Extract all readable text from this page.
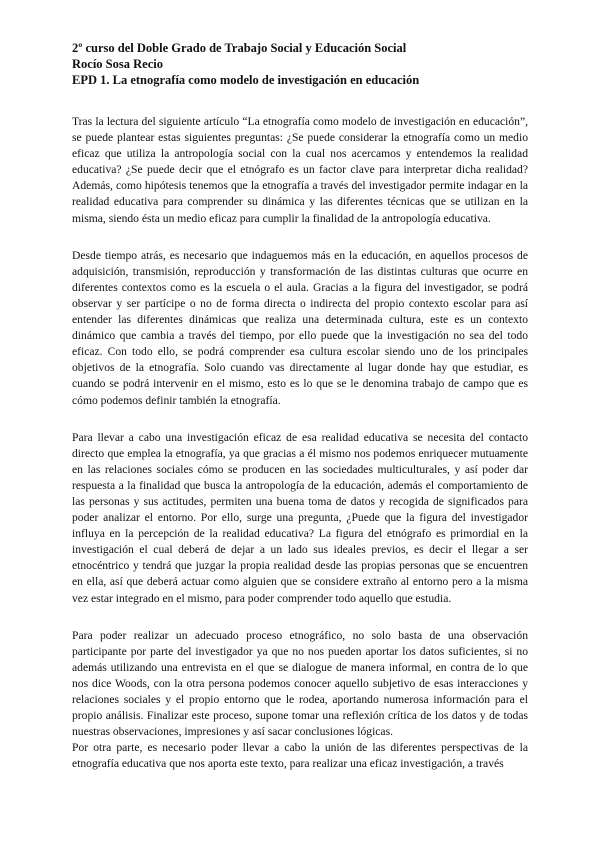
2º curso del Doble Grado de Trabajo Social y Educación Social

Rocío Sosa Recio

EPD 1. La etnografía como modelo de investigación en educación

Tras la lectura del siguiente artículo “La etnografía como modelo de investigación en educación”, se puede plantear estas siguientes preguntas: ¿Se puede considerar la etnografía como un medio eficaz que utiliza la antropología social con la cual nos acercamos y entendemos la realidad educativa? ¿Se puede decir que el etnógrafo es un factor clave para interpretar dicha realidad? Además, como hipótesis tenemos que la etnografía a través del investigador permite indagar en la realidad educativa para comprender su dinámica y las diferentes técnicas que se utilizan en la misma, siendo ésta un medio eficaz para cumplir la finalidad de la antropología educativa.

Desde tiempo atrás, es necesario que indaguemos más en la educación, en aquellos procesos de adquisición, transmisión, reproducción y transformación de las distintas culturas que ocurre en diferentes contextos como es la escuela o el aula. Gracias a la figura del investigador, se podrá observar y ser partícipe o no de forma directa o indirecta del propio contexto escolar para así entender las diferentes dinámicas que realiza una determinada cultura, este es un contexto dinámico que cambia a través del tiempo, por ello puede que la investigación no sea del todo eficaz. Con todo ello, se podrá comprender esa cultura escolar siendo uno de los principales objetivos de la etnografía. Solo cuando vas directamente al lugar donde hay que estudiar, es cuando se podrá intervenir en el mismo, esto es lo que se le denomina trabajo de campo que es cómo podemos definir también la etnografía.

Para llevar a cabo una investigación eficaz de esa realidad educativa se necesita del contacto directo que emplea la etnografía, ya que gracias a él mismo nos podemos enriquecer mutuamente en las relaciones sociales cómo se producen en las sociedades multiculturales, y así poder dar respuesta a la finalidad que busca la antropología de la educación, además el comportamiento de las personas y sus actitudes, permiten una buena toma de datos y recogida de significados para poder analizar el entorno. Por ello, surge una pregunta, ¿Puede que la figura del investigador influya en la percepción de la realidad educativa? La figura del etnógrafo es primordial en la investigación el cual deberá de dejar a un lado sus ideales previos, es decir el llegar a ser etnocéntrico y tendrá que juzgar la propia realidad desde las propias personas que se encuentren en ella, así que deberá actuar como alguien que se considere extraño al entorno pero a la misma vez estar integrado en el mismo, para poder comprender todo aquello que estudia.

Para poder realizar un adecuado proceso etnográfico, no solo basta de una observación participante por parte del investigador ya que no nos pueden aportar los datos suficientes, si no además utilizando una entrevista en el que se dialogue de manera informal, en contra de lo que nos dice Woods, con la otra persona podemos conocer aquello subjetivo de esas interacciones y relaciones sociales y el propio entorno que le rodea, aportando numerosa información para el propio análisis. Finalizar este proceso, supone tomar una reflexión crítica de los datos y de todas nuestras observaciones, impresiones y así sacar conclusiones lógicas.

Por otra parte, es necesario poder llevar a cabo la unión de las diferentes perspectivas de la etnografía educativa que nos aporta este texto, para realizar una eficaz investigación, a través
